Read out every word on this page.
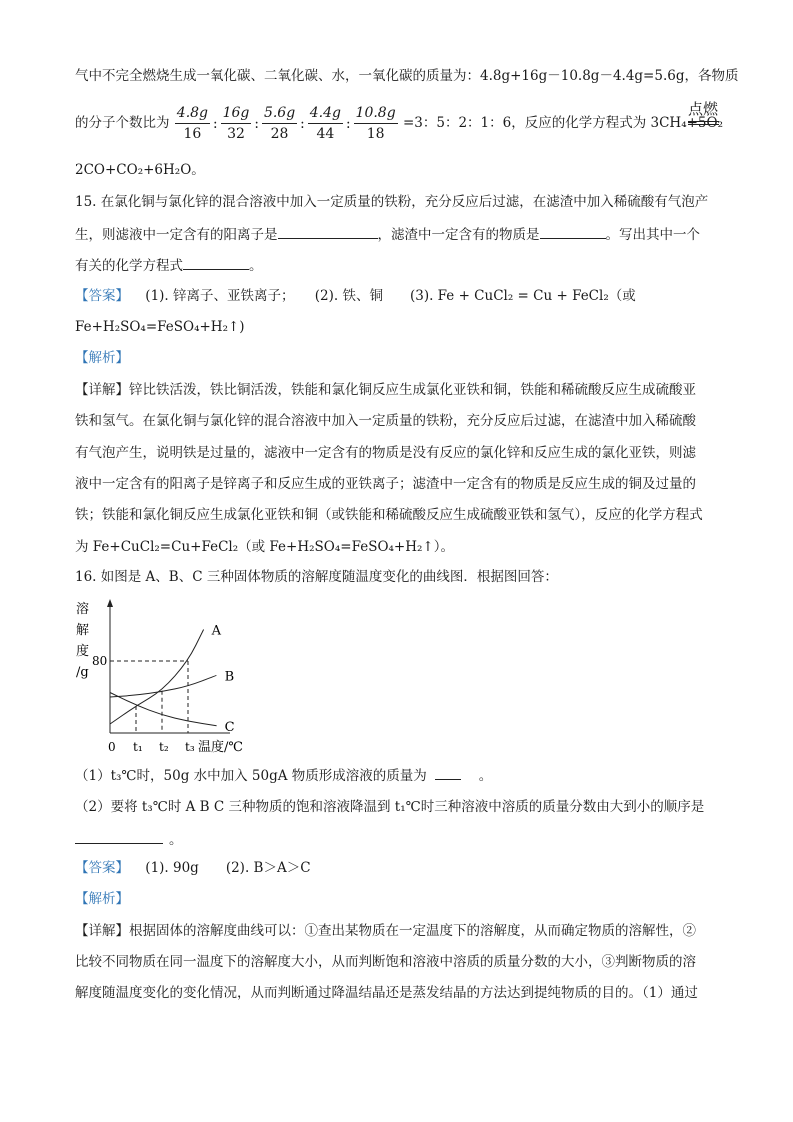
气中不完全燃烧生成一氧化碳、二氧化碳、水，一氧化碳的质量为：4.8g+16g－10.8g－4.4g=5.6g，各物质
的分子个数比为 $\frac{4.8g}{16}$ : $\frac{16g}{32}$ : $\frac{5.6g}{28}$ : $\frac{4.4g}{44}$ : $\frac{10.8g}{18} =3$：5：2：1：6，反应的化学方程式为 3CH₄+5O₂
点燃
2CO+CO₂+6H₂O。
15. 在氯化铜与氯化锌的混合溶液中加入一定质量的铁粉，充分反应后过滤，在滤渣中加入稀硫酸有气泡产
生，则滤液中一定含有的阳离子是	，滤渣中一定含有的物质是	。写出其中一个
有关的化学方程式	。
【答案】 (1). 锌离子、亚铁离子；　　(2). 铁、铜　　(3). Fe + CuCl₂ = Cu + FeCl₂（或
Fe+H₂SO₄=FeSO₄+H₂↑)
【解析】
【详解】锌比铁活泼，铁比铜活泼，铁能和氯化铜反应生成氯化亚铁和铜，铁能和稀硫酸反应生成硫酸亚
铁和氢气。在氯化铜与氯化锌的混合溶液中加入一定质量的铁粉，充分反应后过滤，在滤渣中加入稀硫酸
有气泡产生，说明铁是过量的，滤液中一定含有的物质是没有反应的氯化锌和反应生成的氯化亚铁，则滤
液中一定含有的阳离子是锌离子和反应生成的亚铁离子；滤渣中一定含有的物质是反应生成的铜及过量的
铁；铁能和氯化铜反应生成氯化亚铁和铜（或铁能和稀硫酸反应生成硫酸亚铁和氢气），反应的化学方程式
为 Fe+CuCl₂=Cu+FeCl₂（或 Fe+H₂SO₄=FeSO₄+H₂↑）。
16. 如图是 A、B、C 三种固体物质的溶解度随温度变化的曲线图．根据图回答：
溶
解
度
/g
0 t₁ t₂ t₃
80
A
B
C
温度/℃
（1）t₃℃时，50g 水中加入 50gA 物质形成溶液的质量为	。
（2）要将 t₃℃时 A B C 三种物质的饱和溶液降温到 t₁℃时三种溶液中溶质的质量分数由大到小的顺序是
。
【答案】 (1). 90g　　(2). B＞A＞C
【解析】
【详解】根据固体的溶解度曲线可以：①查出某物质在一定温度下的溶解度，从而确定物质的溶解性，②
比较不同物质在同一温度下的溶解度大小，从而判断饱和溶液中溶质的质量分数的大小，③判断物质的溶
解度随温度变化的变化情况，从而判断通过降温结晶还是蒸发结晶的方法达到提纯物质的目的。（1）通过
